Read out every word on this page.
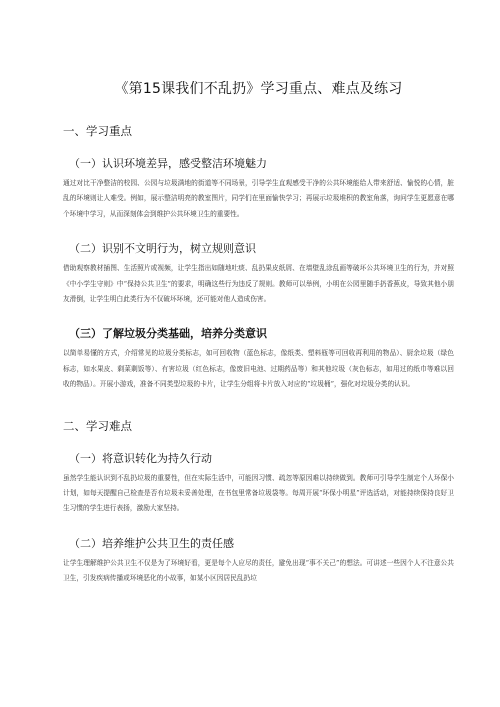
《第15课我们不乱扔》学习重点、难点及练习
一、学习重点
（一）认识环境差异，感受整洁环境魅力
通过对比干净整洁的校园、公园与垃圾满地的街道等不同场景，引导学生直观感受干净的公共环境能给人带来舒适、愉悦的心情，脏乱的环境则让人难受。例如，展示整洁明亮的教室图片，同学们在里面愉快学习；再展示垃圾堆积的教室角落，询问学生更愿意在哪个环境中学习，从而深刻体会到维护公共环境卫生的重要性。
（二）识别不文明行为，树立规则意识
借助观察教材插图、生活照片或视频，让学生指出如随地吐痰、乱扔果皮纸屑、在墙壁乱涂乱画等破坏公共环境卫生的行为，并对照《中小学生守则》中“保持公共卫生”的要求，明确这些行为违反了规则。教师可以举例，小明在公园里随手扔香蕉皮，导致其他小朋友滑倒，让学生明白此类行为不仅破坏环境，还可能对他人造成伤害。
（三）了解垃圾分类基础，培养分类意识
以简单易懂的方式，介绍常见的垃圾分类标志，如可回收物（蓝色标志，像纸类、塑料瓶等可回收再利用的物品）、厨余垃圾（绿色标志，如水果皮、剩菜剩饭等）、有害垃圾（红色标志，像废旧电池、过期药品等）和其他垃圾（灰色标志，如用过的纸巾等难以回收的物品）。开展小游戏，准备不同类型垃圾的卡片，让学生分组将卡片放入对应的“垃圾桶”，强化对垃圾分类的认识。
二、学习难点
（一）将意识转化为持久行动
虽然学生能认识到不乱扔垃圾的重要性，但在实际生活中，可能因习惯、疏忽等原因难以持续做到。教师可引导学生制定个人环保小计划，如每天提醒自己检查是否有垃圾未妥善处理，在书包里常备垃圾袋等。每周开展“环保小明星”评选活动，对能持续保持良好卫生习惯的学生进行表扬，激励大家坚持。
（二）培养维护公共卫生的责任感
让学生理解维护公共卫生不仅是为了环境好看，更是每个人应尽的责任，避免出现“事不关己”的想法。可讲述一些因个人不注意公共卫生，引发疾病传播或环境恶化的小故事，如某小区因居民乱扔垃
